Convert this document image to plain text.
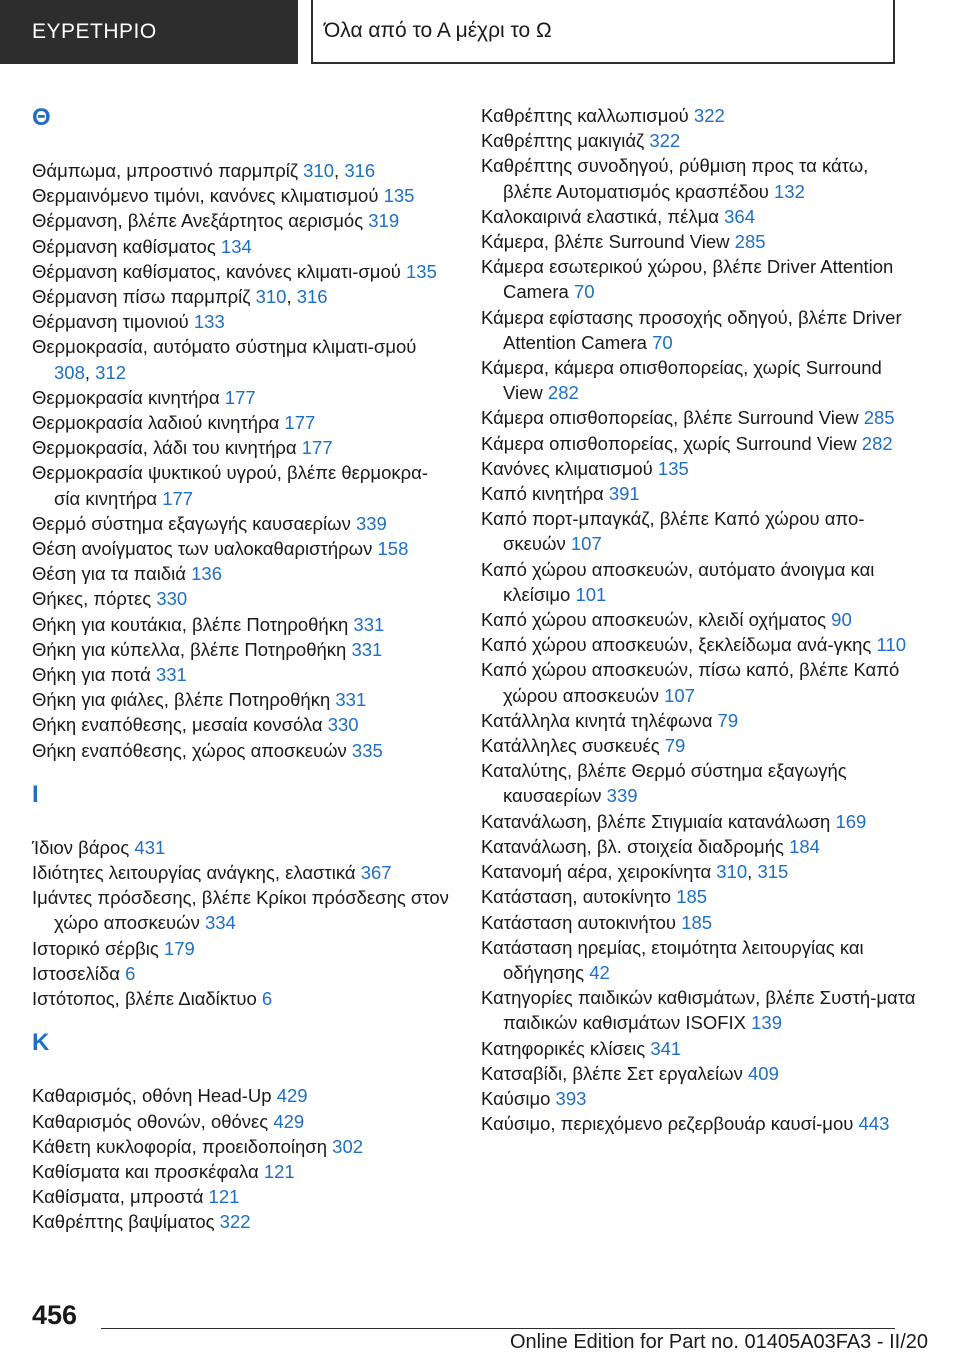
ΕΥΡΕΤΗΡΙΟ	Όλα από το Α μέχρι το Ω
Θ
Θάμπωμα, μπροστινό παρμπρίζ 310, 316
Θερμαινόμενο τιμόνι, κανόνες κλιματισμού 135
Θέρμανση, βλέπε Ανεξάρτητος αερισμός 319
Θέρμανση καθίσματος 134
Θέρμανση καθίσματος, κανόνες κλιματι-σμού 135
Θέρμανση πίσω παρμπρίζ 310, 316
Θέρμανση τιμονιού 133
Θερμοκρασία, αυτόματο σύστημα κλιματι-σμού 308, 312
Θερμοκρασία κινητήρα 177
Θερμοκρασία λαδιού κινητήρα 177
Θερμοκρασία, λάδι του κινητήρα 177
Θερμοκρασία ψυκτικού υγρού, βλέπε θερμοκρα-σία κινητήρα 177
Θερμό σύστημα εξαγωγής καυσαερίων 339
Θέση ανοίγματος των υαλοκαθαριστήρων 158
Θέση για τα παιδιά 136
Θήκες, πόρτες 330
Θήκη για κουτάκια, βλέπε Ποτηροθήκη 331
Θήκη για κύπελλα, βλέπε Ποτηροθήκη 331
Θήκη για ποτά 331
Θήκη για φιάλες, βλέπε Ποτηροθήκη 331
Θήκη εναπόθεσης, μεσαία κονσόλα 330
Θήκη εναπόθεσης, χώρος αποσκευών 335
Ι
Ίδιον βάρος 431
Ιδιότητες λειτουργίας ανάγκης, ελαστικά 367
Ιμάντες πρόσδεσης, βλέπε Κρίκοι πρόσδεσης στον χώρο αποσκευών 334
Ιστορικό σέρβις 179
Ιστοσελίδα 6
Ιστότοπος, βλέπε Διαδίκτυο 6
Κ
Καθαρισμός, οθόνη Head-Up 429
Καθαρισμός οθονών, οθόνες 429
Κάθετη κυκλοφορία, προειδοποίηση 302
Καθίσματα και προσκέφαλα 121
Καθίσματα, μπροστά 121
Καθρέπτης βαψίματος 322
Καθρέπτης καλλωπισμού 322
Καθρέπτης μακιγιάζ 322
Καθρέπτης συνοδηγού, ρύθμιση προς τα κάτω, βλέπε Αυτοματισμός κρασπέδου 132
Καλοκαιρινά ελαστικά, πέλμα 364
Κάμερα, βλέπε Surround View 285
Κάμερα εσωτερικού χώρου, βλέπε Driver Attention Camera 70
Κάμερα εφίστασης προσοχής οδηγού, βλέπε Driver Attention Camera 70
Κάμερα, κάμερα οπισθοπορείας, χωρίς Surround View 282
Κάμερα οπισθοπορείας, βλέπε Surround View 285
Κάμερα οπισθοπορείας, χωρίς Surround View 282
Κανόνες κλιματισμού 135
Καπό κινητήρα 391
Καπό πορτ-μπαγκάζ, βλέπε Καπό χώρου απο-σκευών 107
Καπό χώρου αποσκευών, αυτόματο άνοιγμα και κλείσιμο 101
Καπό χώρου αποσκευών, κλειδί οχήματος 90
Καπό χώρου αποσκευών, ξεκλείδωμα ανά-γκης 110
Καπό χώρου αποσκευών, πίσω καπό, βλέπε Καπό χώρου αποσκευών 107
Κατάλληλα κινητά τηλέφωνα 79
Κατάλληλες συσκευές 79
Καταλύτης, βλέπε Θερμό σύστημα εξαγωγής καυσαερίων 339
Κατανάλωση, βλέπε Στιγμιαία κατανάλωση 169
Κατανάλωση, βλ. στοιχεία διαδρομής 184
Κατανομή αέρα, χειροκίνητα 310, 315
Κατάσταση, αυτοκίνητο 185
Κατάσταση αυτοκινήτου 185
Κατάσταση ηρεμίας, ετοιμότητα λειτουργίας και οδήγησης 42
Κατηγορίες παιδικών καθισμάτων, βλέπε Συστή-ματα παιδικών καθισμάτων ISOFIX 139
Κατηφορικές κλίσεις 341
Κατσαβίδι, βλέπε Σετ εργαλείων 409
Καύσιμο 393
Καύσιμο, περιεχόμενο ρεζερβουάρ καυσί-μου 443
456
Online Edition for Part no. 01405A03FA3 - II/20
